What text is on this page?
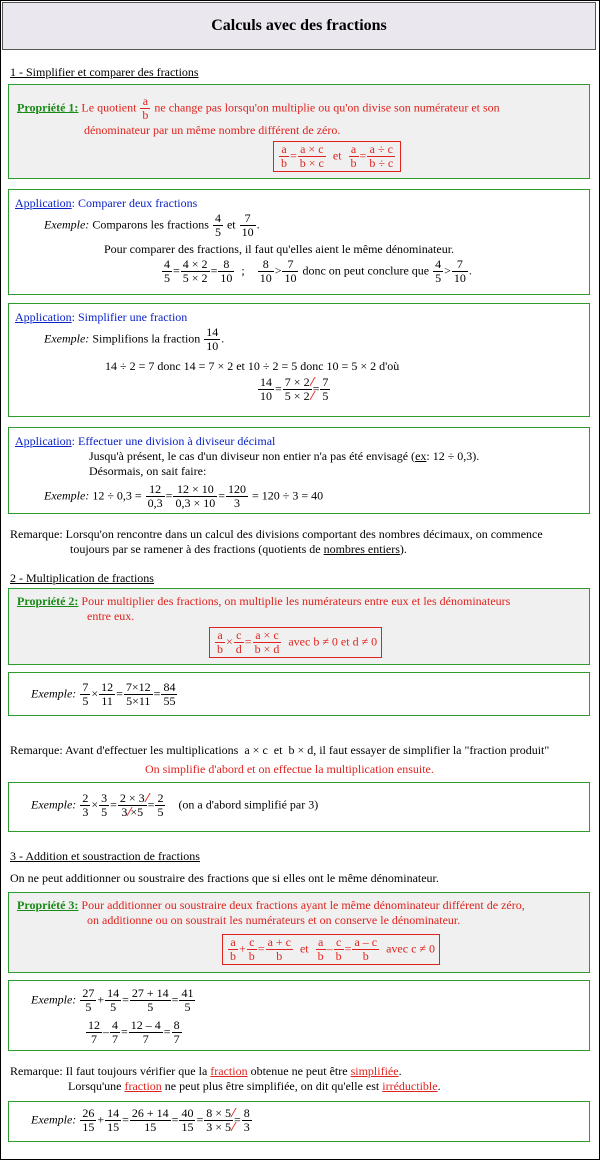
Calculs avec des fractions
1 - Simplifier et comparer des fractions
Propriété 1: Le quotient $\frac{a}{b}$ ne change pas lorsqu'on multiplie ou qu'on divise son numérateur et son
dénominateur par un même nombre différent de zéro.
$\frac{a}{b} = \frac{a \times c}{b \times c}$ et $\frac{a}{b} = \frac{a \div c}{b \div c}$
Application: Comparer deux fractions
Exemple: Comparons les fractions $\frac{4}{5}$ et $\frac{7}{10}$ .
Pour comparer des fractions, il faut qu'elles aient le même dénominateur.
$\frac{4}{5} = \frac{4 \times 2}{5 \times 2} = \frac{8}{10}$ ; $\frac{8}{10} > \frac{7}{10}$ donc on peut conclure que $\frac{4}{5} > \frac{7}{10}$ .
Application: Simplifier une fraction
Exemple: Simplifions la fraction $\frac{14}{10}$ .
14 ÷ 2 = 7 donc 14 = 7 × 2 et 10 ÷ 2 = 5 donc 10 = 5 × 2 d'où
$\frac{14}{10} = \frac{7 \times 2}{5 \times 2} = \frac{7}{5}$
Application: Effectuer une division à diviseur décimal
Jusqu'à présent, le cas d'un diviseur non entier n'a pas été envisagé (ex: 12 ÷ 0,3).
Désormais, on sait faire:
Exemple: $12 \div 0,3 = \frac{12}{0,3} = \frac{12 \times 10}{0,3 \times 10} = \frac{120}{3} = 120 \div 3 = 40$
Remarque: Lorsqu'on rencontre dans un calcul des divisions comportant des nombres décimaux, on commence
toujours par se ramener à des fractions (quotients de nombres entiers).
2 - Multiplication de fractions
Propriété 2: Pour multiplier des fractions, on multiplie les numérateurs entre eux et les dénominateurs
entre eux.
$\frac{a}{b} \times \frac{c}{d} = \frac{a \times c}{b \times d}$ avec b ≠ 0 et d ≠ 0
Exemple: $\frac{7}{5} \times \frac{12}{11} = \frac{7\times 12}{5\times 11} = \frac{84}{55}$
Remarque: Avant d'effectuer les multiplications a × c et b × d, il faut essayer de simplifier la "fraction produit"
On simplifie d'abord et on effectue la multiplication ensuite.
Exemple: $\frac{2}{3} \times \frac{3}{5} = \frac{2 \times 3}{3 \times 5} = \frac{2}{5} (on$ a d'abord simplifié par 3)
3 - Addition et soustraction de fractions
On ne peut additionner ou soustraire des fractions que si elles ont le même dénominateur.
Propriété 3: Pour additionner ou soustraire deux fractions ayant le même dénominateur différent de zéro,
on additionne ou on soustrait les numérateurs et on conserve le dénominateur.
$\frac{a}{b} + \frac{c}{b} = \frac{a + c}{b}$ et $\frac{a}{b} - \frac{c}{b} = \frac{a - c}{b}$ avec c ≠ 0
Exemple: $\frac{27}{5} + \frac{14}{5} = \frac{27 + 14}{5} = \frac{41}{5}$
$\frac{12}{7} - \frac{4}{7} = \frac{12 - 4}{7} = \frac{8}{7}$
Remarque: Il faut toujours vérifier que la fraction obtenue ne peut être simplifiée.
Lorsqu'une fraction ne peut plus être simplifiée, on dit qu'elle est irréductible.
Exemple: $\frac{26}{15} + \frac{14}{15} = \frac{26 + 14}{15} = \frac{40}{15} = \frac{8 \times 5}{3 \times 5} = \frac{8}{3}$
